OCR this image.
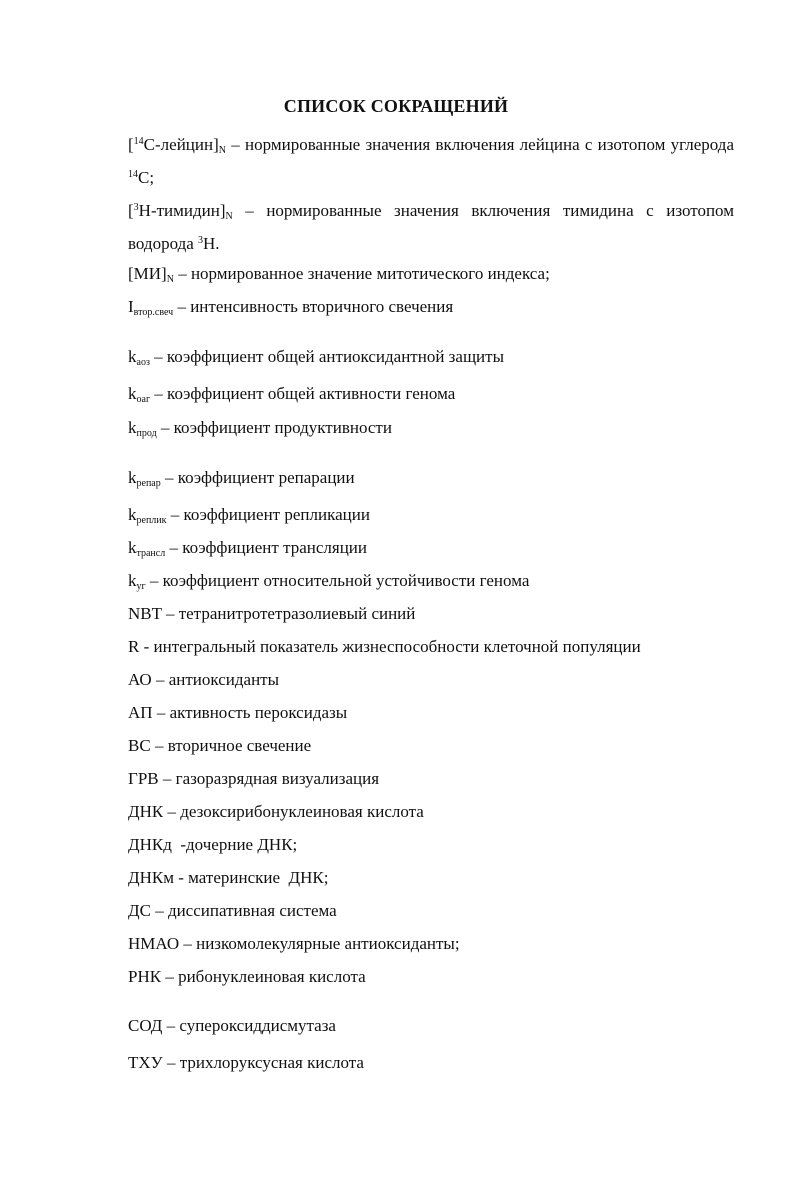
СПИСОК СОКРАЩЕНИЙ
$[^{14}С-лейцин]_N$ – нормированные значения включения лейцина с изотопом углерода $^{14}$С;
$[^3Н-тимидин]_N$ – нормированные значения включения тимидина с изотопом водорода $^3$Н.
$[МИ]_N$ – нормированное значение митотического индекса;
$I_{втор.свеч}$ – интенсивность вторичного свечения
$k_{аоз}$ – коэффициент общей антиоксидантной защиты
$k_{оаг}$ – коэффициент общей активности генома
$k_{прод}$ – коэффициент продуктивности
$k_{репар}$ – коэффициент репарации
$k_{реплик}$ – коэффициент репликации
$k_{трансл}$ – коэффициент трансляции
$k_{уг}$ – коэффициент относительной устойчивости генома
NBT – тетранитротетразолиевый синий
R - интегральный показатель жизнеспособности клеточной популяции
АО – антиоксиданты
АП – активность пероксидазы
ВС – вторичное свечение
ГРВ – газоразрядная визуализация
ДНК – дезоксирибонуклеиновая кислота
ДНКд  -дочерние ДНК;
ДНКм - материнские  ДНК;
ДС – диссипативная система
НМАО – низкомолекулярные антиоксиданты;
РНК – рибонуклеиновая кислота
СОД – супероксиддисмутаза
ТХУ – трихлоруксусная кислота
